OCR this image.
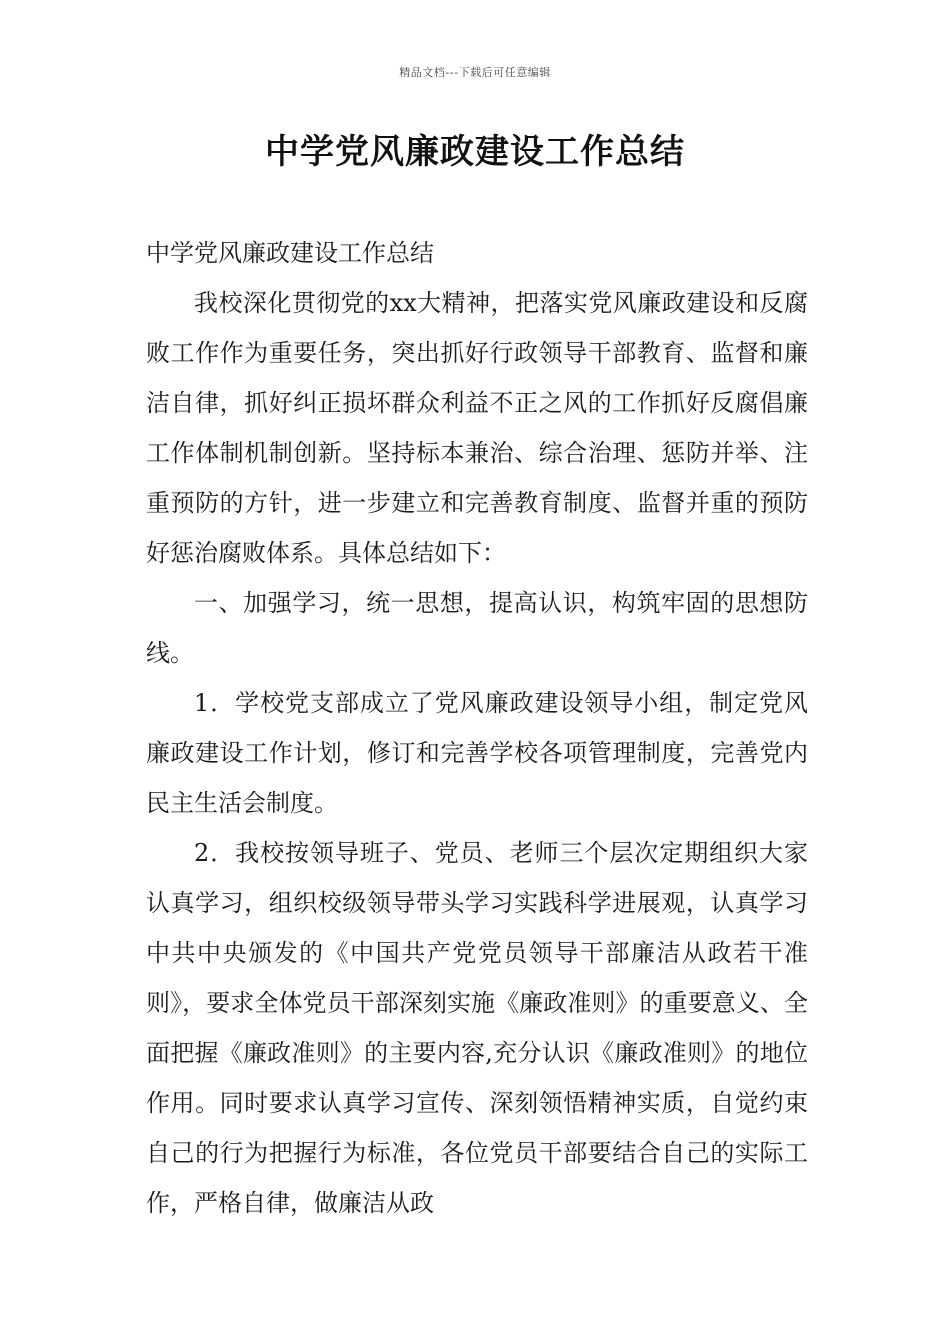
精品文档---下载后可任意编辑
中学党风廉政建设工作总结

中学党风廉政建设工作总结

我校深化贯彻党的xx大精神，把落实党风廉政建设和反腐败工作作为重要任务，突出抓好行政领导干部教育、监督和廉洁自律，抓好纠正损坏群众利益不正之风的工作抓好反腐倡廉工作体制机制创新。坚持标本兼治、综合治理、惩防并举、注重预防的方针，进一步建立和完善教育制度、监督并重的预防好惩治腐败体系。具体总结如下：

一、加强学习，统一思想，提高认识，构筑牢固的思想防线。

1．学校党支部成立了党风廉政建设领导小组，制定党风廉政建设工作计划，修订和完善学校各项管理制度，完善党内民主生活会制度。

2．我校按领导班子、党员、老师三个层次定期组织大家认真学习，组织校级领导带头学习实践科学进展观，认真学习中共中央颁发的《中国共产党党员领导干部廉洁从政若干准则》，要求全体党员干部深刻实施《廉政准则》的重要意义、全面把握《廉政准则》的主要内容,充分认识《廉政准则》的地位作用。同时要求认真学习宣传、深刻领悟精神实质，自觉约束自己的行为把握行为标准，各位党员干部要结合自己的实际工作，严格自律，做廉洁从政
